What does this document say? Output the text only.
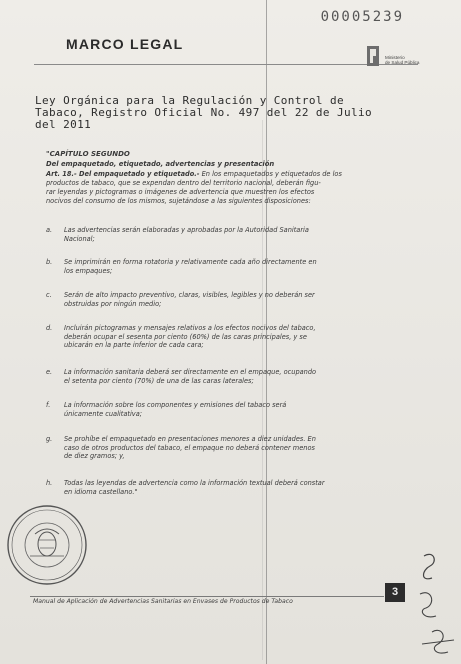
00005239
MARCO LEGAL
Ministerio
de Salud Pública
Ley Orgánica para la Regulación y Control de
Tabaco, Registro Oficial No. 497 del 22 de Julio
del 2011
"CAPÍTULO SEGUNDO
Del empaquetado, etiquetado, advertencias y presentación
Art. 18.- Del empaquetado y etiquetado.- En los empaquetados y etiquetados de los
productos de tabaco, que se expendan dentro del territorio nacional, deberán figu-
rar leyendas y pictogramas o imágenes de advertencia que muestren los efectos
nocivos del consumo de los mismos, sujetándose a las siguientes disposiciones:
a.	Las advertencias serán elaboradas y aprobadas por la Autoridad Sanitaria
Nacional;
b.	Se imprimirán en forma rotatoria y relativamente cada año directamente en
los empaques;
c.	Serán de alto impacto preventivo, claras, visibles, legibles y no deberán ser
obstruidas por ningún medio;
d.	Incluirán pictogramas y mensajes relativos a los efectos nocivos del tabaco,
deberán ocupar el sesenta por ciento (60%) de las caras principales, y se
ubicarán en la parte inferior de cada cara;
e.	La información sanitaria deberá ser directamente en el empaque, ocupando
el setenta por ciento (70%) de una de las caras laterales;
f.	La información sobre los componentes y emisiones del tabaco será
únicamente cualitativa;
g.	Se prohíbe el empaquetado en presentaciones menores a diez unidades. En
caso de otros productos del tabaco, el empaque no deberá contener menos
de diez gramos; y,
h.	Todas las leyendas de advertencia como la información textual deberá constar
en idioma castellano."
Manual de Aplicación de Advertencias Sanitarias en Envases de Productos de Tabaco
3
